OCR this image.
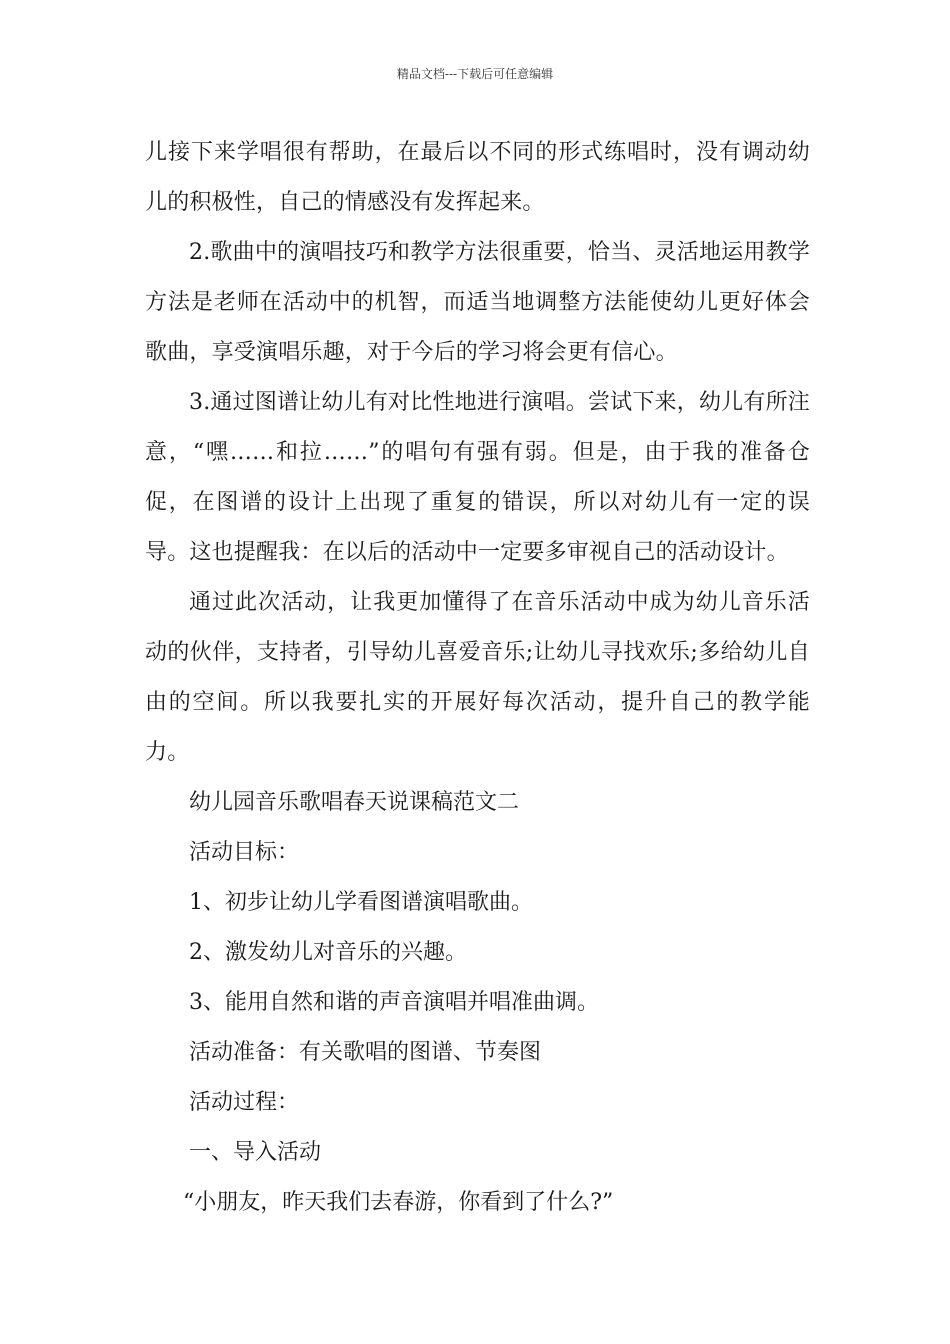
精品文档---下载后可任意编辑

儿接下来学唱很有帮助，在最后以不同的形式练唱时，没有调动幼儿的积极性，自己的情感没有发挥起来。

2.歌曲中的演唱技巧和教学方法很重要，恰当、灵活地运用教学方法是老师在活动中的机智，而适当地调整方法能使幼儿更好体会歌曲，享受演唱乐趣，对于今后的学习将会更有信心。

3.通过图谱让幼儿有对比性地进行演唱。尝试下来，幼儿有所注意，“嘿……和拉……”的唱句有强有弱。但是，由于我的准备仓促，在图谱的设计上出现了重复的错误，所以对幼儿有一定的误导。这也提醒我：在以后的活动中一定要多审视自己的活动设计。

通过此次活动，让我更加懂得了在音乐活动中成为幼儿音乐活动的伙伴，支持者，引导幼儿喜爱音乐;让幼儿寻找欢乐;多给幼儿自由的空间。所以我要扎实的开展好每次活动，提升自己的教学能力。

幼儿园音乐歌唱春天说课稿范文二

活动目标：

1、初步让幼儿学看图谱演唱歌曲。

2、激发幼儿对音乐的兴趣。

3、能用自然和谐的声音演唱并唱准曲调。

活动准备：有关歌唱的图谱、节奏图

活动过程：

一、导入活动

“小朋友，昨天我们去春游，你看到了什么?”
